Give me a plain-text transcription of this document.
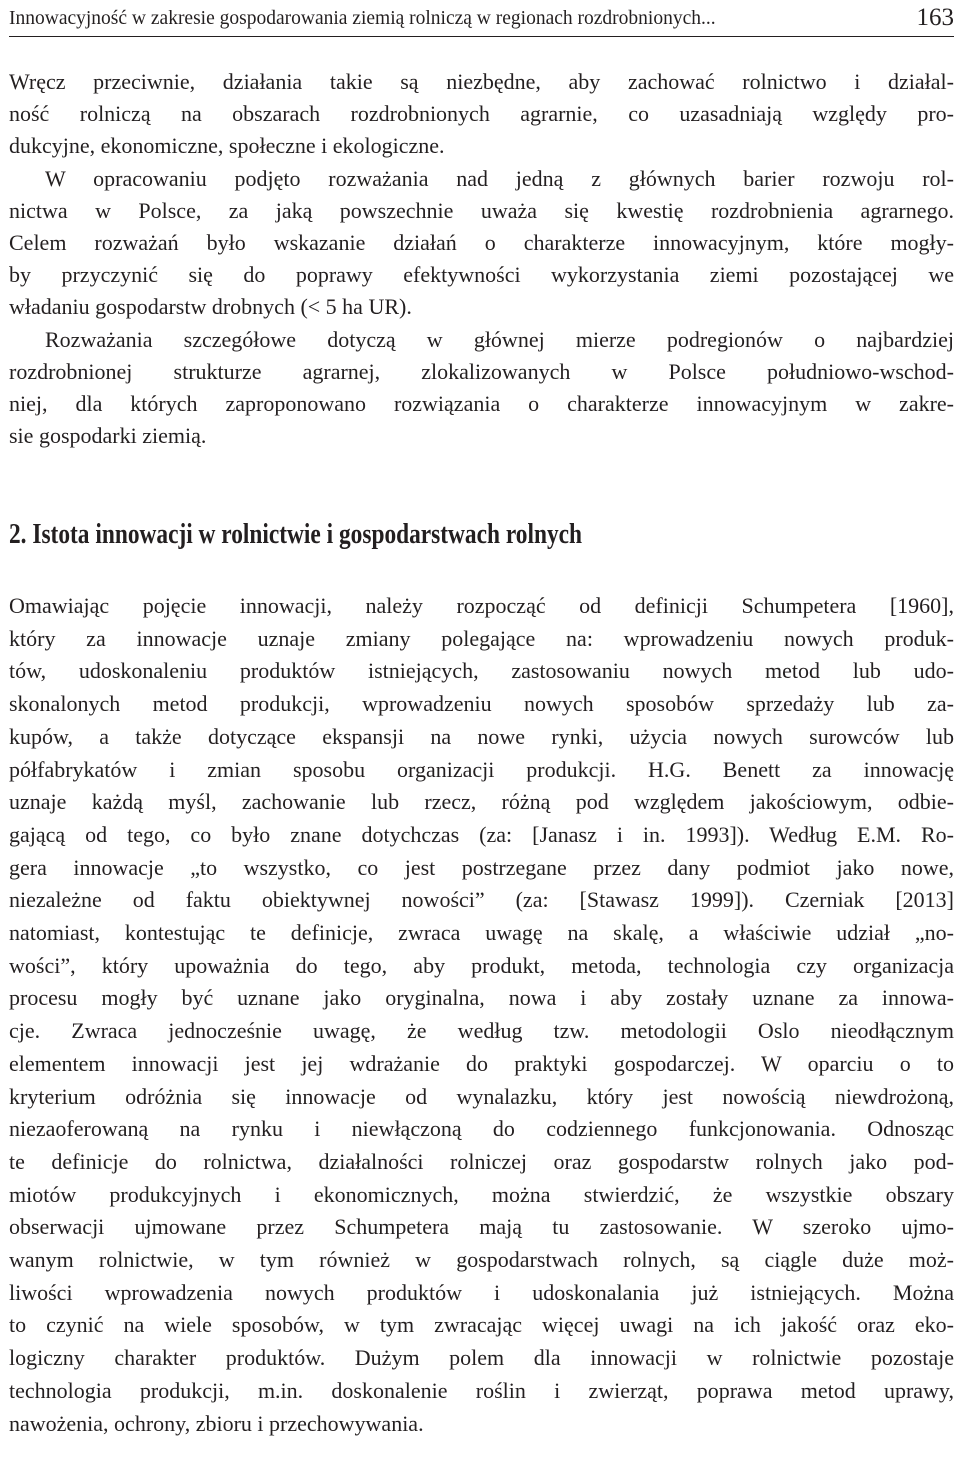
Innowacyjność w zakresie gospodarowania ziemią rolniczą w regionach rozdrobnionych...	163
Wręcz przeciwnie, działania takie są niezbędne, aby zachować rolnictwo i działal-
ność rolniczą na obszarach rozdrobnionych agrarnie, co uzasadniają względy pro-
dukcyjne, ekonomiczne, społeczne i ekologiczne.
W opracowaniu podjęto rozważania nad jedną z głównych barier rozwoju rol-
nictwa w Polsce, za jaką powszechnie uważa się kwestię rozdrobnienia agrarnego.
Celem rozważań było wskazanie działań o charakterze innowacyjnym, które mogły-
by przyczynić się do poprawy efektywności wykorzystania ziemi pozostającej we
władaniu gospodarstw drobnych (< 5 ha UR).
Rozważania szczegółowe dotyczą w głównej mierze podregionów o najbardziej
rozdrobnionej strukturze agrarnej, zlokalizowanych w Polsce południowo-wschod-
niej, dla których zaproponowano rozwiązania o charakterze innowacyjnym w zakre-
sie gospodarki ziemią.
2. Istota innowacji w rolnictwie i gospodarstwach rolnych
Omawiając pojęcie innowacji, należy rozpocząć od definicji Schumpetera [1960],
który za innowacje uznaje zmiany polegające na: wprowadzeniu nowych produk-
tów, udoskonaleniu produktów istniejących, zastosowaniu nowych metod lub udo-
skonalonych metod produkcji, wprowadzeniu nowych sposobów sprzedaży lub za-
kupów, a także dotyczące ekspansji na nowe rynki, użycia nowych surowców lub
półfabrykatów i zmian sposobu organizacji produkcji. H.G. Benett za innowację
uznaje każdą myśl, zachowanie lub rzecz, różną pod względem jakościowym, odbie-
gającą od tego, co było znane dotychczas (za: [Janasz i in. 1993]). Według E.M. Ro-
gera innowacje „to wszystko, co jest postrzegane przez dany podmiot jako nowe,
niezależne od faktu obiektywnej nowości” (za: [Stawasz 1999]). Czerniak [2013]
natomiast, kontestując te definicje, zwraca uwagę na skalę, a właściwie udział „no-
wości”, który upoważnia do tego, aby produkt, metoda, technologia czy organizacja
procesu mogły być uznane jako oryginalna, nowa i aby zostały uznane za innowa-
cje. Zwraca jednocześnie uwagę, że według tzw. metodologii Oslo nieodłącznym
elementem innowacji jest jej wdrażanie do praktyki gospodarczej. W oparciu o to
kryterium odróżnia się innowacje od wynalazku, który jest nowością niewdrożoną,
niezaoferowaną na rynku i niewłączoną do codziennego funkcjonowania. Odnosząc
te definicje do rolnictwa, działalności rolniczej oraz gospodarstw rolnych jako pod-
miotów produkcyjnych i ekonomicznych, można stwierdzić, że wszystkie obszary
obserwacji ujmowane przez Schumpetera mają tu zastosowanie. W szeroko ujmo-
wanym rolnictwie, w tym również w gospodarstwach rolnych, są ciągle duże moż-
liwości wprowadzenia nowych produktów i udoskonalania już istniejących. Można
to czynić na wiele sposobów, w tym zwracając więcej uwagi na ich jakość oraz eko-
logiczny charakter produktów. Dużym polem dla innowacji w rolnictwie pozostaje
technologia produkcji, m.in. doskonalenie roślin i zwierząt, poprawa metod uprawy,
nawożenia, ochrony, zbioru i przechowywania.
